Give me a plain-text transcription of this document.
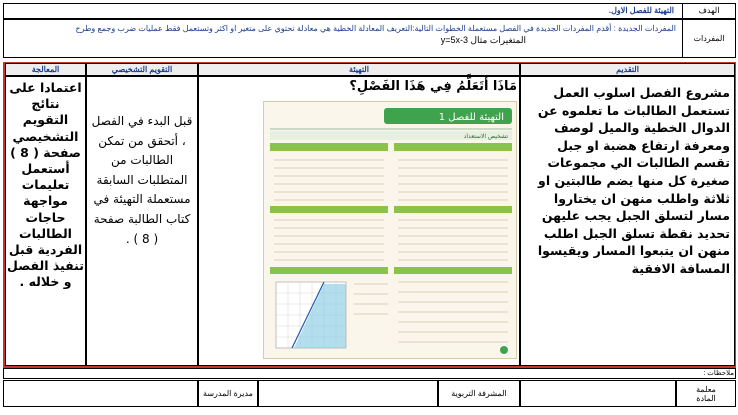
الهدف
التهيئة للفصل الاول.
المفردات
المفردات الجديدة : أقدم المفردات الجديدة في الفصل مستعملة الخطوات التالية:التعريف المعادلة الخطية هي معادلة تحتوي على متغير او اكثر وتستعمل فقط عمليات ضرب وجمع وطرح
المتغيرات مثال y=5x-3
التقديم
التهيئة
التقويم التشخيصي
المعالجة
مشروع الفصل اسلوب العمل تستعمل الطالبات ما تعلموه عن الدوال الخطية والميل لوصف ومعرفة ارتفاع هضبة او جبل تقسم الطالبات الي مجموعات صغيرة كل منها يضم طالبتين او ثلاثة واطلب منهن ان يختاروا مسار لتسلق الجبل يجب عليهن تحديد نقطة تسلق الجبل اطلب منهن ان يتبعوا المسار ويقيسوا المسافة الافقية
مَاذَا أَتَعَلَّمُ فِي هَذَا الفَصْلِ؟
التهيئة للفصل 1
تشخيص الاستعداد
قبل البدء في الفصل ، أتحقق من تمكن الطالبات من المتطلبات السابقة مستعملة التهيئة في كتاب الطالبة صفحة ( 8 ) .
اعتمادا على نتائج التقويم التشخيصي صفحة ( 8 ) أستعمل تعليمات مواجهة حاجات الطالبات الفردية قبل تنفيذ الفصل و خلاله .
ملاحظات :
معلمة المادة
المشرفة التربوية
مديرة المدرسة
